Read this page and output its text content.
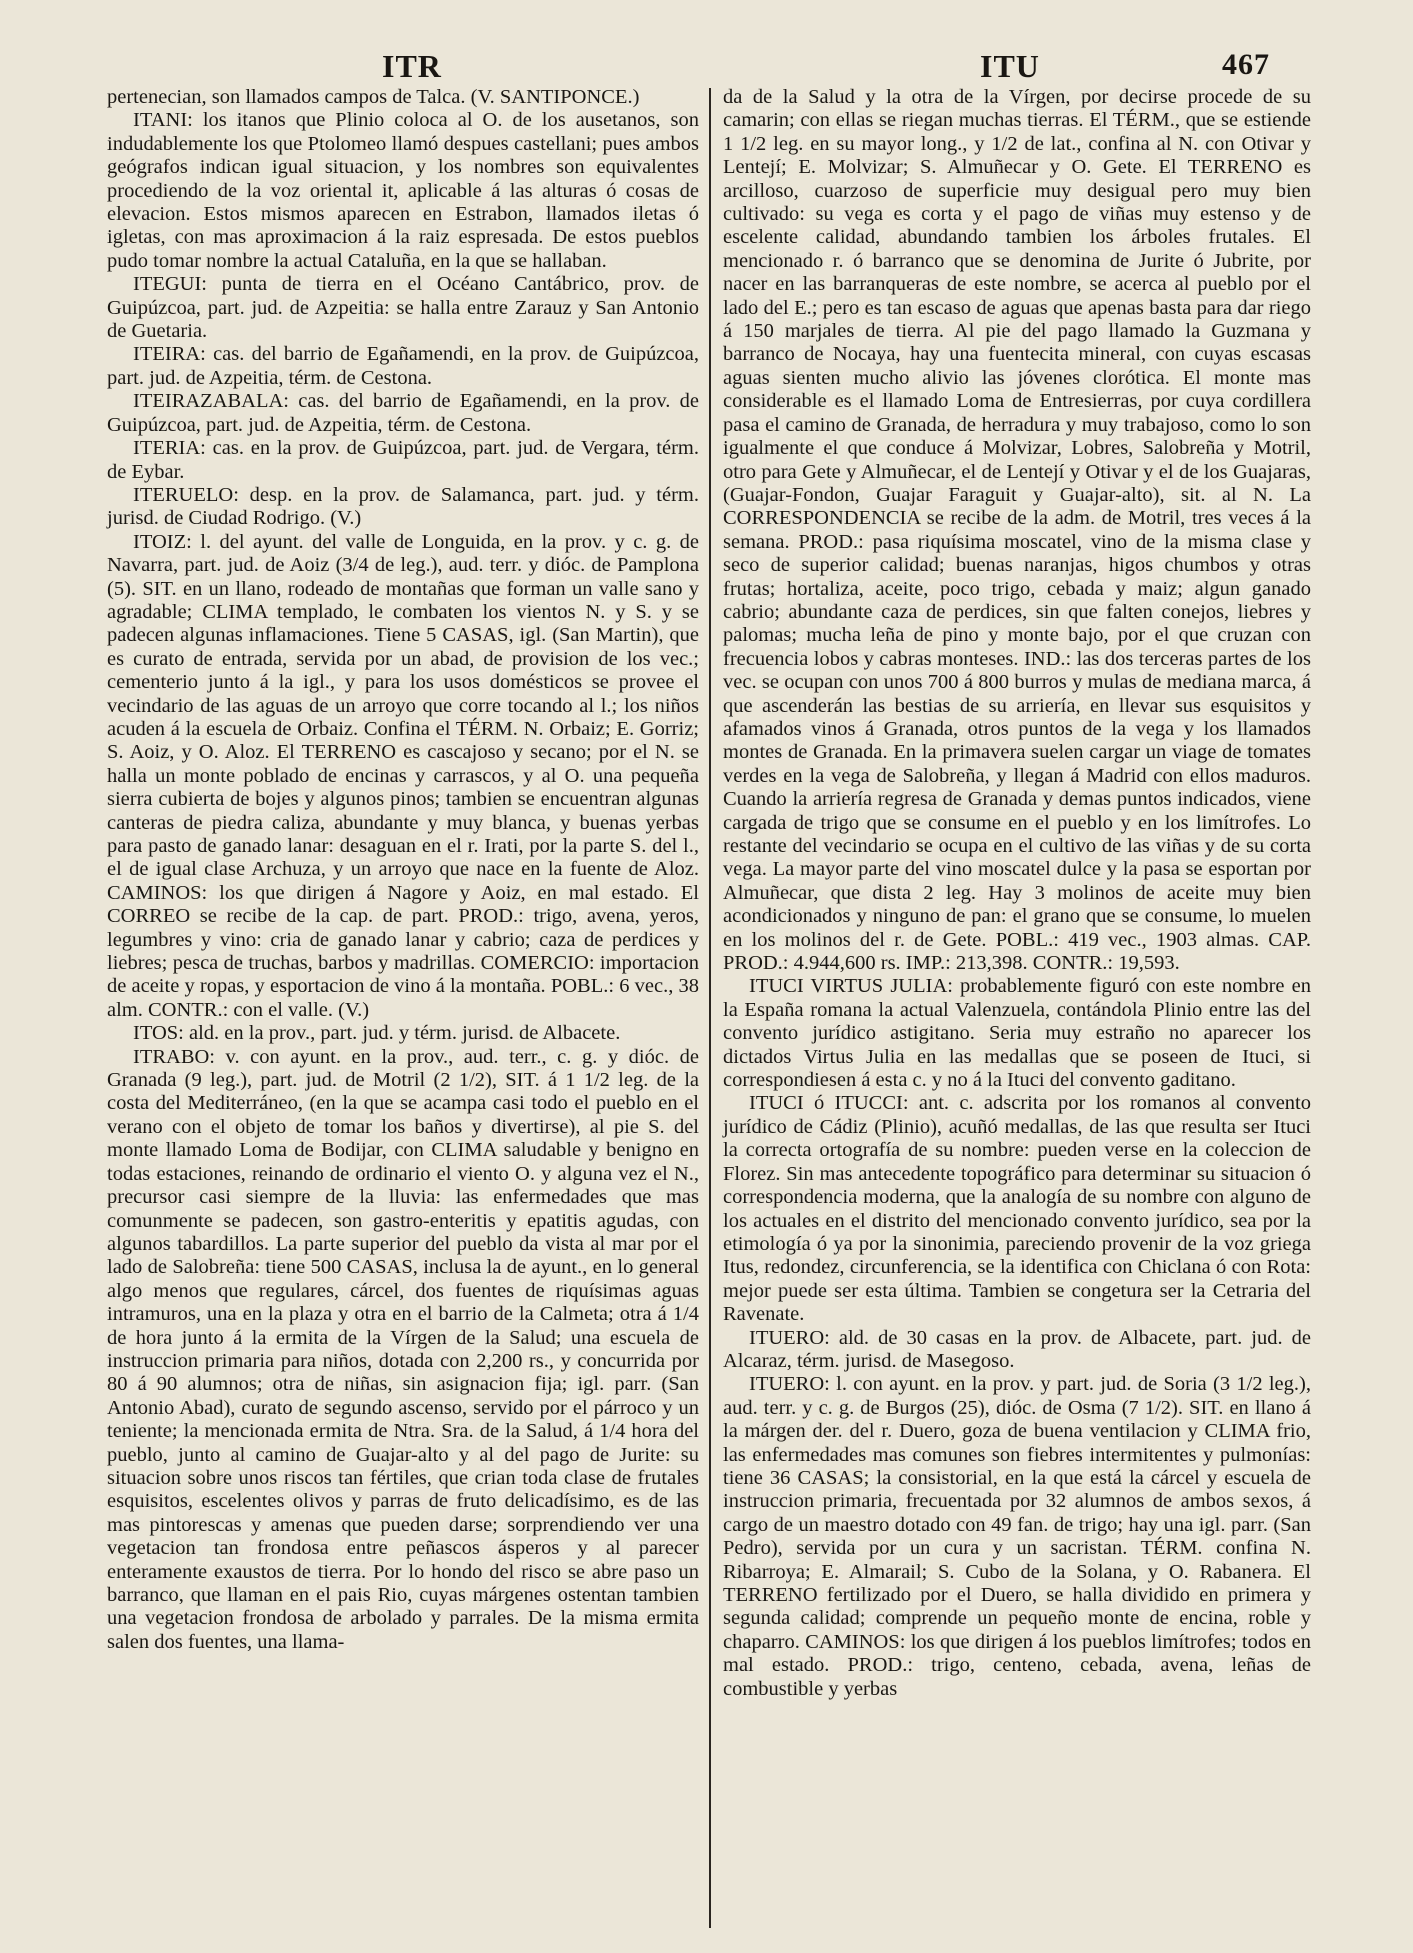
ITR	ITU	467

pertenecian, son llamados campos de Talca. (V. SANTIPONCE.)

ITANI: los itanos que Plinio coloca al O. de los ausetanos, son indudablemente los que Ptolomeo llamó despues castellani; pues ambos geógrafos indican igual situacion, y los nombres son equivalentes procediendo de la voz oriental it, aplicable á las alturas ó cosas de elevacion. Estos mismos aparecen en Estrabon, llamados iletas ó igletas, con mas aproximacion á la raiz espresada. De estos pueblos pudo tomar nombre la actual Cataluña, en la que se hallaban.

ITEGUI: punta de tierra en el Océano Cantábrico, prov. de Guipúzcoa, part. jud. de Azpeitia: se halla entre Zarauz y San Antonio de Guetaria.

ITEIRA: cas. del barrio de Egañamendi, en la prov. de Guipúzcoa, part. jud. de Azpeitia, térm. de Cestona.

ITEIRAZABALA: cas. del barrio de Egañamendi, en la prov. de Guipúzcoa, part. jud. de Azpeitia, térm. de Cestona.

ITERIA: cas. en la prov. de Guipúzcoa, part. jud. de Vergara, térm. de Eybar.

ITERUELO: desp. en la prov. de Salamanca, part. jud. y térm. jurisd. de Ciudad Rodrigo. (V.)

ITOIZ: l. del ayunt. del valle de Longuida, en la prov. y c. g. de Navarra, part. jud. de Aoiz (3/4 de leg.), aud. terr. y dióc. de Pamplona (5). SIT. en un llano, rodeado de montañas que forman un valle sano y agradable; CLIMA templado, le combaten los vientos N. y S. y se padecen algunas inflamaciones. Tiene 5 CASAS, igl. (San Martin), que es curato de entrada, servida por un abad, de provision de los vec.; cementerio junto á la igl., y para los usos domésticos se provee el vecindario de las aguas de un arroyo que corre tocando al l.; los niños acuden á la escuela de Orbaiz. Confina el TÉRM. N. Orbaiz; E. Gorriz; S. Aoiz, y O. Aloz. El TERRENO es cascajoso y secano; por el N. se halla un monte poblado de encinas y carrascos, y al O. una pequeña sierra cubierta de bojes y algunos pinos; tambien se encuentran algunas canteras de piedra caliza, abundante y muy blanca, y buenas yerbas para pasto de ganado lanar: desaguan en el r. Irati, por la parte S. del l., el de igual clase Archuza, y un arroyo que nace en la fuente de Aloz. CAMINOS: los que dirigen á Nagore y Aoiz, en mal estado. El CORREO se recibe de la cap. de part. PROD.: trigo, avena, yeros, legumbres y vino: cria de ganado lanar y cabrio; caza de perdices y liebres; pesca de truchas, barbos y madrillas. COMERCIO: importacion de aceite y ropas, y esportacion de vino á la montaña. POBL.: 6 vec., 38 alm. CONTR.: con el valle. (V.)

ITOS: ald. en la prov., part. jud. y térm. jurisd. de Albacete.

ITRABO: v. con ayunt. en la prov., aud. terr., c. g. y dióc. de Granada (9 leg.), part. jud. de Motril (2 1/2), SIT. á 1 1/2 leg. de la costa del Mediterráneo, (en la que se acampa casi todo el pueblo en el verano con el objeto de tomar los baños y divertirse), al pie S. del monte llamado Loma de Bodijar, con CLIMA saludable y benigno en todas estaciones, reinando de ordinario el viento O. y alguna vez el N., precursor casi siempre de la lluvia: las enfermedades que mas comunmente se padecen, son gastro-enteritis y epatitis agudas, con algunos tabardillos. La parte superior del pueblo da vista al mar por el lado de Salobreña: tiene 500 CASAS, inclusa la de ayunt., en lo general algo menos que regulares, cárcel, dos fuentes de riquísimas aguas intramuros, una en la plaza y otra en el barrio de la Calmeta; otra á 1/4 de hora junto á la ermita de la Vírgen de la Salud; una escuela de instruccion primaria para niños, dotada con 2,200 rs., y concurrida por 80 á 90 alumnos; otra de niñas, sin asignacion fija; igl. parr. (San Antonio Abad), curato de segundo ascenso, servido por el párroco y un teniente; la mencionada ermita de Ntra. Sra. de la Salud, á 1/4 hora del pueblo, junto al camino de Guajar-alto y al del pago de Jurite: su situacion sobre unos riscos tan fértiles, que crian toda clase de frutales esquisitos, escelentes olivos y parras de fruto delicadísimo, es de las mas pintorescas y amenas que pueden darse; sorprendiendo ver una vegetacion tan frondosa entre peñascos ásperos y al parecer enteramente exaustos de tierra. Por lo hondo del risco se abre paso un barranco, que llaman en el pais Rio, cuyas márgenes ostentan tambien una vegetacion frondosa de arbolado y parrales. De la misma ermita salen dos fuentes, una llama-

da de la Salud y la otra de la Vírgen, por decirse procede de su camarin; con ellas se riegan muchas tierras. El TÉRM., que se estiende 1 1/2 leg. en su mayor long., y 1/2 de lat., confina al N. con Otivar y Lentejí; E. Molvizar; S. Almuñecar y O. Gete. El TERRENO es arcilloso, cuarzoso de superficie muy desigual pero muy bien cultivado: su vega es corta y el pago de viñas muy estenso y de escelente calidad, abundando tambien los árboles frutales. El mencionado r. ó barranco que se denomina de Jurite ó Jubrite, por nacer en las barranqueras de este nombre, se acerca al pueblo por el lado del E.; pero es tan escaso de aguas que apenas basta para dar riego á 150 marjales de tierra. Al pie del pago llamado la Guzmana y barranco de Nocaya, hay una fuentecita mineral, con cuyas escasas aguas sienten mucho alivio las jóvenes clorótica. El monte mas considerable es el llamado Loma de Entresierras, por cuya cordillera pasa el camino de Granada, de herradura y muy trabajoso, como lo son igualmente el que conduce á Molvizar, Lobres, Salobreña y Motril, otro para Gete y Almuñecar, el de Lentejí y Otivar y el de los Guajaras, (Guajar-Fondon, Guajar Faraguit y Guajar-alto), sit. al N. La CORRESPONDENCIA se recibe de la adm. de Motril, tres veces á la semana. PROD.: pasa riquísima moscatel, vino de la misma clase y seco de superior calidad; buenas naranjas, higos chumbos y otras frutas; hortaliza, aceite, poco trigo, cebada y maiz; algun ganado cabrio; abundante caza de perdices, sin que falten conejos, liebres y palomas; mucha leña de pino y monte bajo, por el que cruzan con frecuencia lobos y cabras monteses. IND.: las dos terceras partes de los vec. se ocupan con unos 700 á 800 burros y mulas de mediana marca, á que ascenderán las bestias de su arriería, en llevar sus esquisitos y afamados vinos á Granada, otros puntos de la vega y los llamados montes de Granada. En la primavera suelen cargar un viage de tomates verdes en la vega de Salobreña, y llegan á Madrid con ellos maduros. Cuando la arriería regresa de Granada y demas puntos indicados, viene cargada de trigo que se consume en el pueblo y en los limítrofes. Lo restante del vecindario se ocupa en el cultivo de las viñas y de su corta vega. La mayor parte del vino moscatel dulce y la pasa se esportan por Almuñecar, que dista 2 leg. Hay 3 molinos de aceite muy bien acondicionados y ninguno de pan: el grano que se consume, lo muelen en los molinos del r. de Gete. POBL.: 419 vec., 1903 almas. CAP. PROD.: 4.944,600 rs. IMP.: 213,398. CONTR.: 19,593.

ITUCI VIRTUS JULIA: probablemente figuró con este nombre en la España romana la actual Valenzuela, contándola Plinio entre las del convento jurídico astigitano. Seria muy estraño no aparecer los dictados Virtus Julia en las medallas que se poseen de Ituci, si correspondiesen á esta c. y no á la Ituci del convento gaditano.

ITUCI ó ITUCCI: ant. c. adscrita por los romanos al convento jurídico de Cádiz (Plinio), acuñó medallas, de las que resulta ser Ituci la correcta ortografía de su nombre: pueden verse en la coleccion de Florez. Sin mas antecedente topográfico para determinar su situacion ó correspondencia moderna, que la analogía de su nombre con alguno de los actuales en el distrito del mencionado convento jurídico, sea por la etimología ó ya por la sinonimia, pareciendo provenir de la voz griega Itus, redondez, circunferencia, se la identifica con Chiclana ó con Rota: mejor puede ser esta última. Tambien se congetura ser la Cetraria del Ravenate.

ITUERO: ald. de 30 casas en la prov. de Albacete, part. jud. de Alcaraz, térm. jurisd. de Masegoso.

ITUERO: l. con ayunt. en la prov. y part. jud. de Soria (3 1/2 leg.), aud. terr. y c. g. de Burgos (25), dióc. de Osma (7 1/2). SIT. en llano á la márgen der. del r. Duero, goza de buena ventilacion y CLIMA frio, las enfermedades mas comunes son fiebres intermitentes y pulmonías: tiene 36 CASAS; la consistorial, en la que está la cárcel y escuela de instruccion primaria, frecuentada por 32 alumnos de ambos sexos, á cargo de un maestro dotado con 49 fan. de trigo; hay una igl. parr. (San Pedro), servida por un cura y un sacristan. TÉRM. confina N. Ribarroya; E. Almarail; S. Cubo de la Solana, y O. Rabanera. El TERRENO fertilizado por el Duero, se halla dividido en primera y segunda calidad; comprende un pequeño monte de encina, roble y chaparro. CAMINOS: los que dirigen á los pueblos limítrofes; todos en mal estado. PROD.: trigo, centeno, cebada, avena, leñas de combustible y yerbas
